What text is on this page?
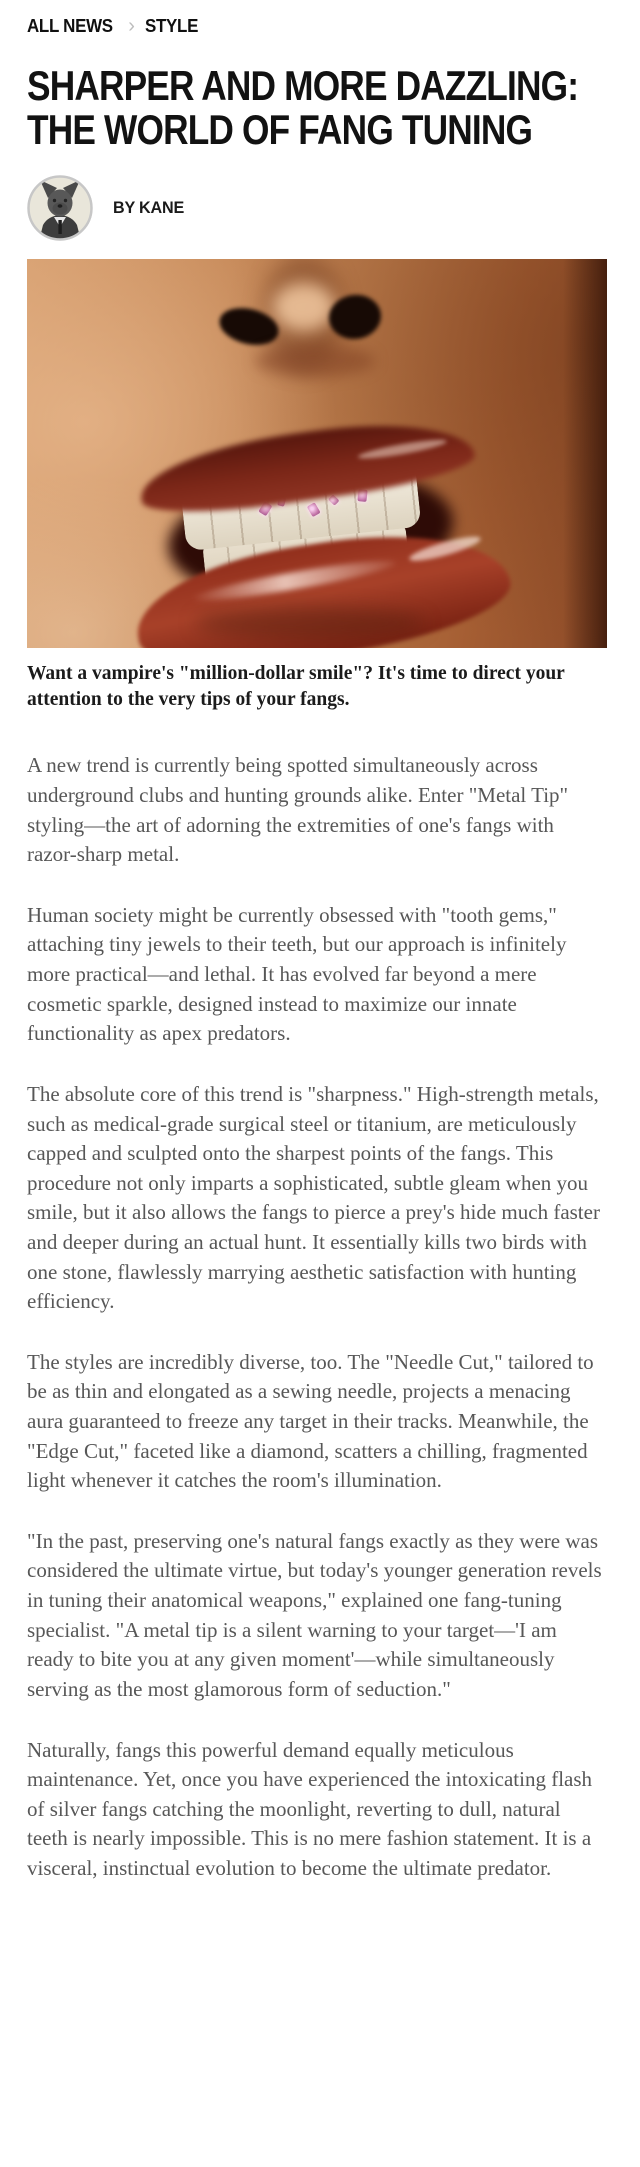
ALL NEWS › STYLE
SHARPER AND MORE DAZZLING:
THE WORLD OF FANG TUNING
BY KANE

Want a vampire's "million-dollar smile"? It's time to direct your attention to the very tips of your fangs.

A new trend is currently being spotted simultaneously across underground clubs and hunting grounds alike. Enter "Metal Tip" styling—the art of adorning the extremities of one's fangs with razor-sharp metal.

Human society might be currently obsessed with "tooth gems," attaching tiny jewels to their teeth, but our approach is infinitely more practical—and lethal. It has evolved far beyond a mere cosmetic sparkle, designed instead to maximize our innate functionality as apex predators.

The absolute core of this trend is "sharpness." High-strength metals, such as medical-grade surgical steel or titanium, are meticulously capped and sculpted onto the sharpest points of the fangs. This procedure not only imparts a sophisticated, subtle gleam when you smile, but it also allows the fangs to pierce a prey's hide much faster and deeper during an actual hunt. It essentially kills two birds with one stone, flawlessly marrying aesthetic satisfaction with hunting efficiency.

The styles are incredibly diverse, too. The "Needle Cut," tailored to be as thin and elongated as a sewing needle, projects a menacing aura guaranteed to freeze any target in their tracks. Meanwhile, the "Edge Cut," faceted like a diamond, scatters a chilling, fragmented light whenever it catches the room's illumination.

"In the past, preserving one's natural fangs exactly as they were was considered the ultimate virtue, but today's younger generation revels in tuning their anatomical weapons," explained one fang-tuning specialist. "A metal tip is a silent warning to your target—'I am ready to bite you at any given moment'—while simultaneously serving as the most glamorous form of seduction."

Naturally, fangs this powerful demand equally meticulous maintenance. Yet, once you have experienced the intoxicating flash of silver fangs catching the moonlight, reverting to dull, natural teeth is nearly impossible. This is no mere fashion statement. It is a visceral, instinctual evolution to become the ultimate predator.
